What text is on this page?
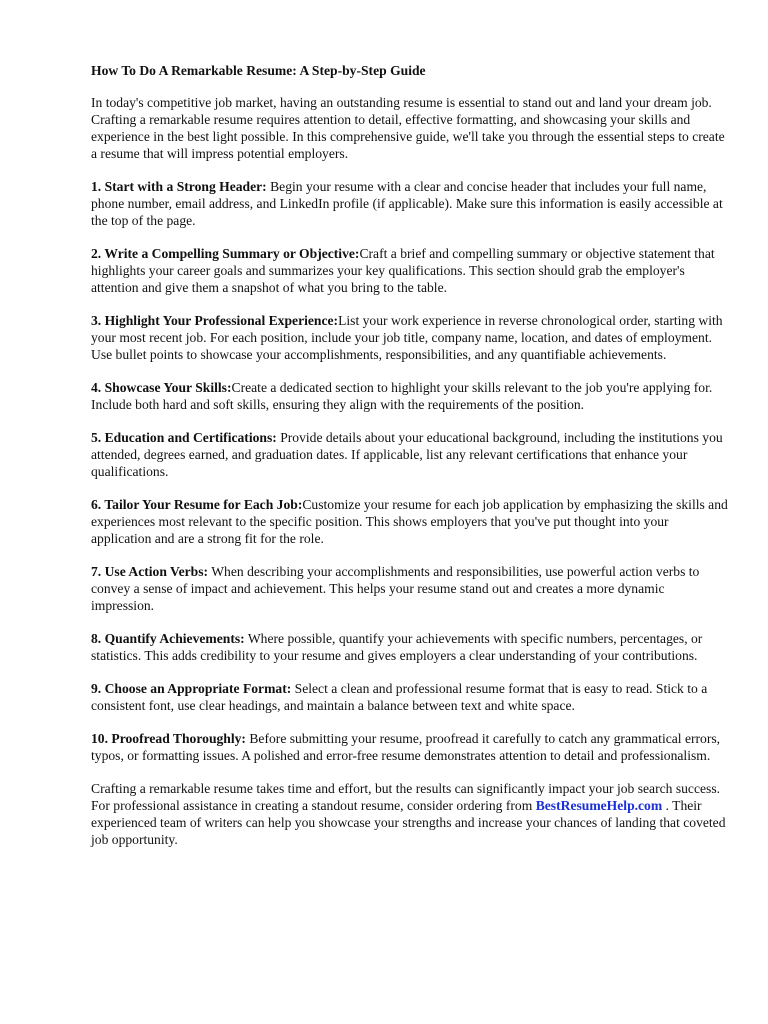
How To Do A Remarkable Resume: A Step-by-Step Guide

In today's competitive job market, having an outstanding resume is essential to stand out and land your dream job. Crafting a remarkable resume requires attention to detail, effective formatting, and showcasing your skills and experience in the best light possible. In this comprehensive guide, we'll take you through the essential steps to create a resume that will impress potential employers.

1. Start with a Strong Header: Begin your resume with a clear and concise header that includes your full name, phone number, email address, and LinkedIn profile (if applicable). Make sure this information is easily accessible at the top of the page.

2. Write a Compelling Summary or Objective:Craft a brief and compelling summary or objective statement that highlights your career goals and summarizes your key qualifications. This section should grab the employer's attention and give them a snapshot of what you bring to the table.

3. Highlight Your Professional Experience:List your work experience in reverse chronological order, starting with your most recent job. For each position, include your job title, company name, location, and dates of employment. Use bullet points to showcase your accomplishments, responsibilities, and any quantifiable achievements.

4. Showcase Your Skills:Create a dedicated section to highlight your skills relevant to the job you're applying for. Include both hard and soft skills, ensuring they align with the requirements of the position.

5. Education and Certifications: Provide details about your educational background, including the institutions you attended, degrees earned, and graduation dates. If applicable, list any relevant certifications that enhance your qualifications.

6. Tailor Your Resume for Each Job:Customize your resume for each job application by emphasizing the skills and experiences most relevant to the specific position. This shows employers that you've put thought into your application and are a strong fit for the role.

7. Use Action Verbs: When describing your accomplishments and responsibilities, use powerful action verbs to convey a sense of impact and achievement. This helps your resume stand out and creates a more dynamic impression.

8. Quantify Achievements: Where possible, quantify your achievements with specific numbers, percentages, or statistics. This adds credibility to your resume and gives employers a clear understanding of your contributions.

9. Choose an Appropriate Format: Select a clean and professional resume format that is easy to read. Stick to a consistent font, use clear headings, and maintain a balance between text and white space.

10. Proofread Thoroughly: Before submitting your resume, proofread it carefully to catch any grammatical errors, typos, or formatting issues. A polished and error-free resume demonstrates attention to detail and professionalism.

Crafting a remarkable resume takes time and effort, but the results can significantly impact your job search success. For professional assistance in creating a standout resume, consider ordering from BestResumeHelp.com . Their experienced team of writers can help you showcase your strengths and increase your chances of landing that coveted job opportunity.
